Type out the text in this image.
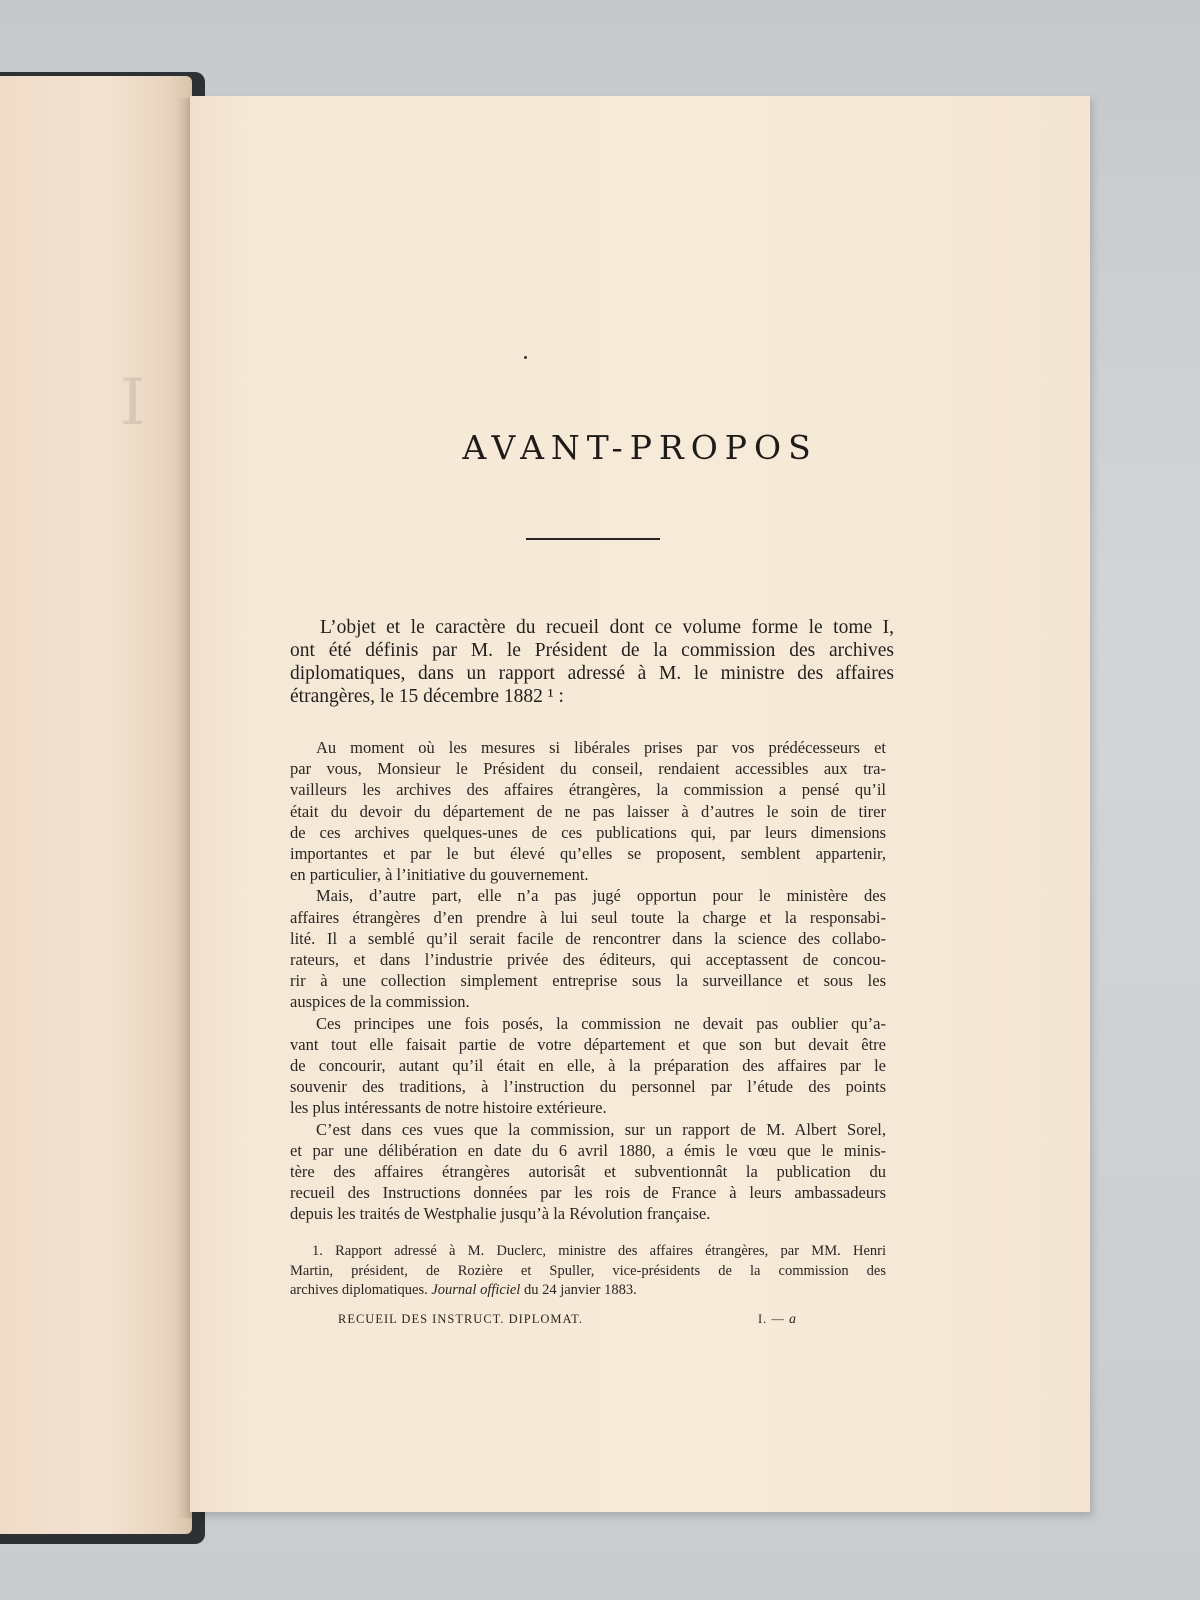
I
AVANT-PROPOS
L’objet et le caractère du recueil dont ce volume forme le tome I,
ont été définis par M. le Président de la commission des archives
diplomatiques, dans un rapport adressé à M. le ministre des affaires
étrangères, le 15 décembre 1882 ¹ :
Au moment où les mesures si libérales prises par vos prédécesseurs et
par vous, Monsieur le Président du conseil, rendaient accessibles aux tra-
vailleurs les archives des affaires étrangères, la commission a pensé qu’il
était du devoir du département de ne pas laisser à d’autres le soin de tirer
de ces archives quelques-unes de ces publications qui, par leurs dimensions
importantes et par le but élevé qu’elles se proposent, semblent appartenir,
en particulier, à l’initiative du gouvernement.
Mais, d’autre part, elle n’a pas jugé opportun pour le ministère des
affaires étrangères d’en prendre à lui seul toute la charge et la responsabi-
lité. Il a semblé qu’il serait facile de rencontrer dans la science des collabo-
rateurs, et dans l’industrie privée des éditeurs, qui acceptassent de concou-
rir à une collection simplement entreprise sous la surveillance et sous les
auspices de la commission.
Ces principes une fois posés, la commission ne devait pas oublier qu’a-
vant tout elle faisait partie de votre département et que son but devait être
de concourir, autant qu’il était en elle, à la préparation des affaires par le
souvenir des traditions, à l’instruction du personnel par l’étude des points
les plus intéressants de notre histoire extérieure.
C’est dans ces vues que la commission, sur un rapport de M. Albert Sorel,
et par une délibération en date du 6 avril 1880, a émis le vœu que le minis-
tère des affaires étrangères autorisât et subventionnât la publication du
recueil des Instructions données par les rois de France à leurs ambassadeurs
depuis les traités de Westphalie jusqu’à la Révolution française.
1. Rapport adressé à M. Duclerc, ministre des affaires étrangères, par MM. Henri
Martin, président, de Rozière et Spuller, vice-présidents de la commission des
archives diplomatiques. Journal officiel du 24 janvier 1883.
RECUEIL DES INSTRUCT. DIPLOMAT.	I. — a
